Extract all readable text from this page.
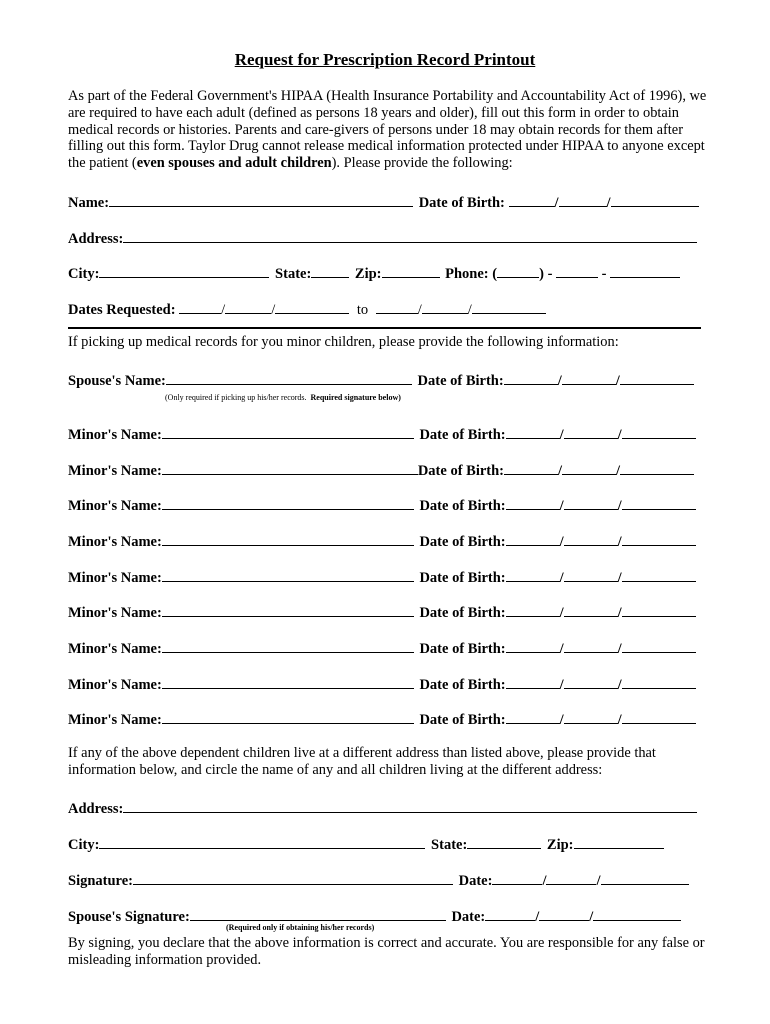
Request for Prescription Record Printout
As part of the Federal Government's HIPAA (Health Insurance Portability and Accountability Act of 1996), we are required to have each adult (defined as persons 18 years and older), fill out this form in order to obtain medical records or histories. Parents and care-givers of persons under 18 may obtain records for them after filling out this form. Taylor Drug cannot release medical information protected under HIPAA to anyone except the patient (even spouses and adult children). Please provide the following:
Name:	Date of Birth:	/	/
Address:
City:	State:	Zip:	Phone: (	) -	-
Dates Requested:	/	/	to	/	/
If picking up medical records for you minor children, please provide the following information:
Spouse's Name:	Date of Birth:	/	/
(Only required if picking up his/her records. Required signature below)
Minor's Name:	Date of Birth:	/	/
Minor's Name:	Date of Birth:	/	/
Minor's Name:	Date of Birth:	/	/
Minor's Name:	Date of Birth:	/	/
Minor's Name:	Date of Birth:	/	/
Minor's Name:	Date of Birth:	/	/
Minor's Name:	Date of Birth:	/	/
Minor's Name:	Date of Birth:	/	/
Minor's Name:	Date of Birth:	/	/
If any of the above dependent children live at a different address than listed above, please provide that information below, and circle the name of any and all children living at the different address:
Address:
City:	State:	Zip:
Signature:	Date:	/	/
Spouse's Signature:	Date:	/	/
(Required only if obtaining his/her records)
By signing, you declare that the above information is correct and accurate. You are responsible for any false or misleading information provided.
